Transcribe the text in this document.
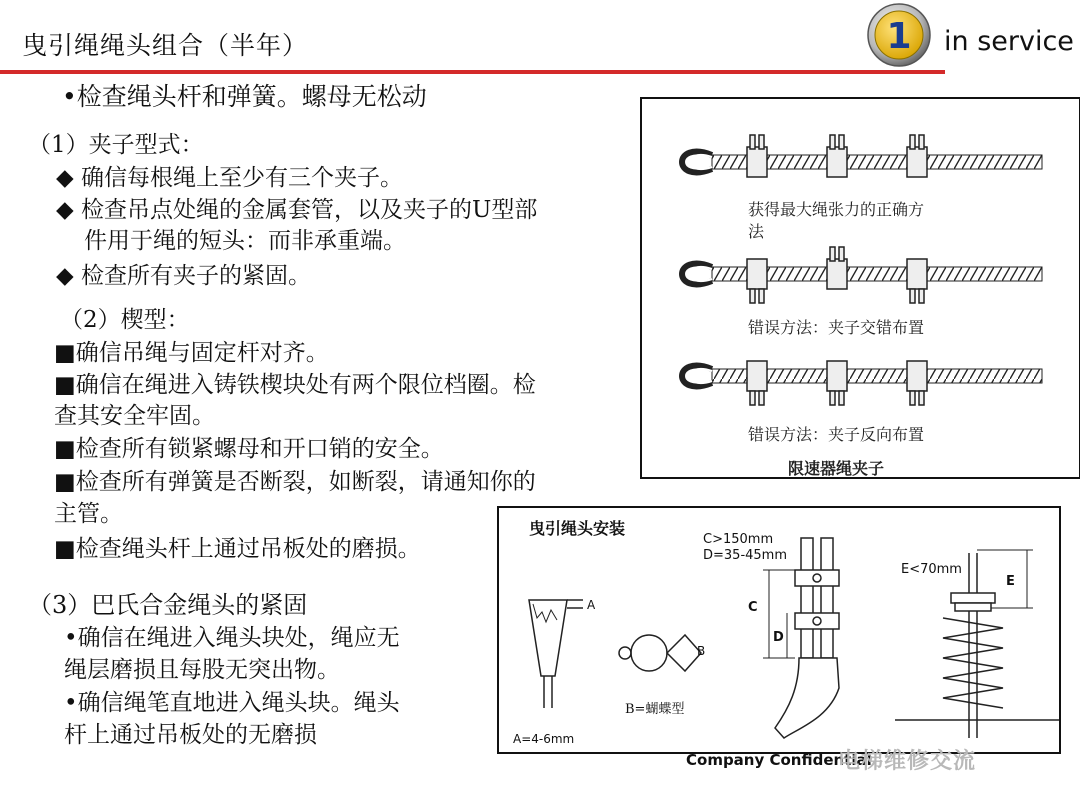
曳引绳绳头组合（半年）	1 in service
•检查绳头杆和弹簧。螺母无松动
（1）夹子型式：
◆ 确信每根绳上至少有三个夹子。
◆ 检查吊点处绳的金属套管，以及夹子的U型部
件用于绳的短头：而非承重端。
◆ 检查所有夹子的紧固。
（2）楔型：
■确信吊绳与固定杆对齐。
■确信在绳进入铸铁楔块处有两个限位档圈。检
查其安全牢固。
■检查所有锁紧螺母和开口销的安全。
■检查所有弹簧是否断裂，如断裂，请通知你的
主管。
■检查绳头杆上通过吊板处的磨损。
（3）巴氏合金绳头的紧固
•确信在绳进入绳头块处，绳应无
绳层磨损且每股无突出物。
•确信绳笔直地进入绳头块。绳头
杆上通过吊板处的无磨损
获得最大绳张力的正确方
法
错误方法：夹子交错布置
错误方法：夹子反向布置
限速器绳夹子
曳引绳头安装
C>150mm
D=35-45mm
E<70mm
A
B
C
D
E
B=蝴蝶型
A=4-6mm
Company Confidential
电梯维修交流
